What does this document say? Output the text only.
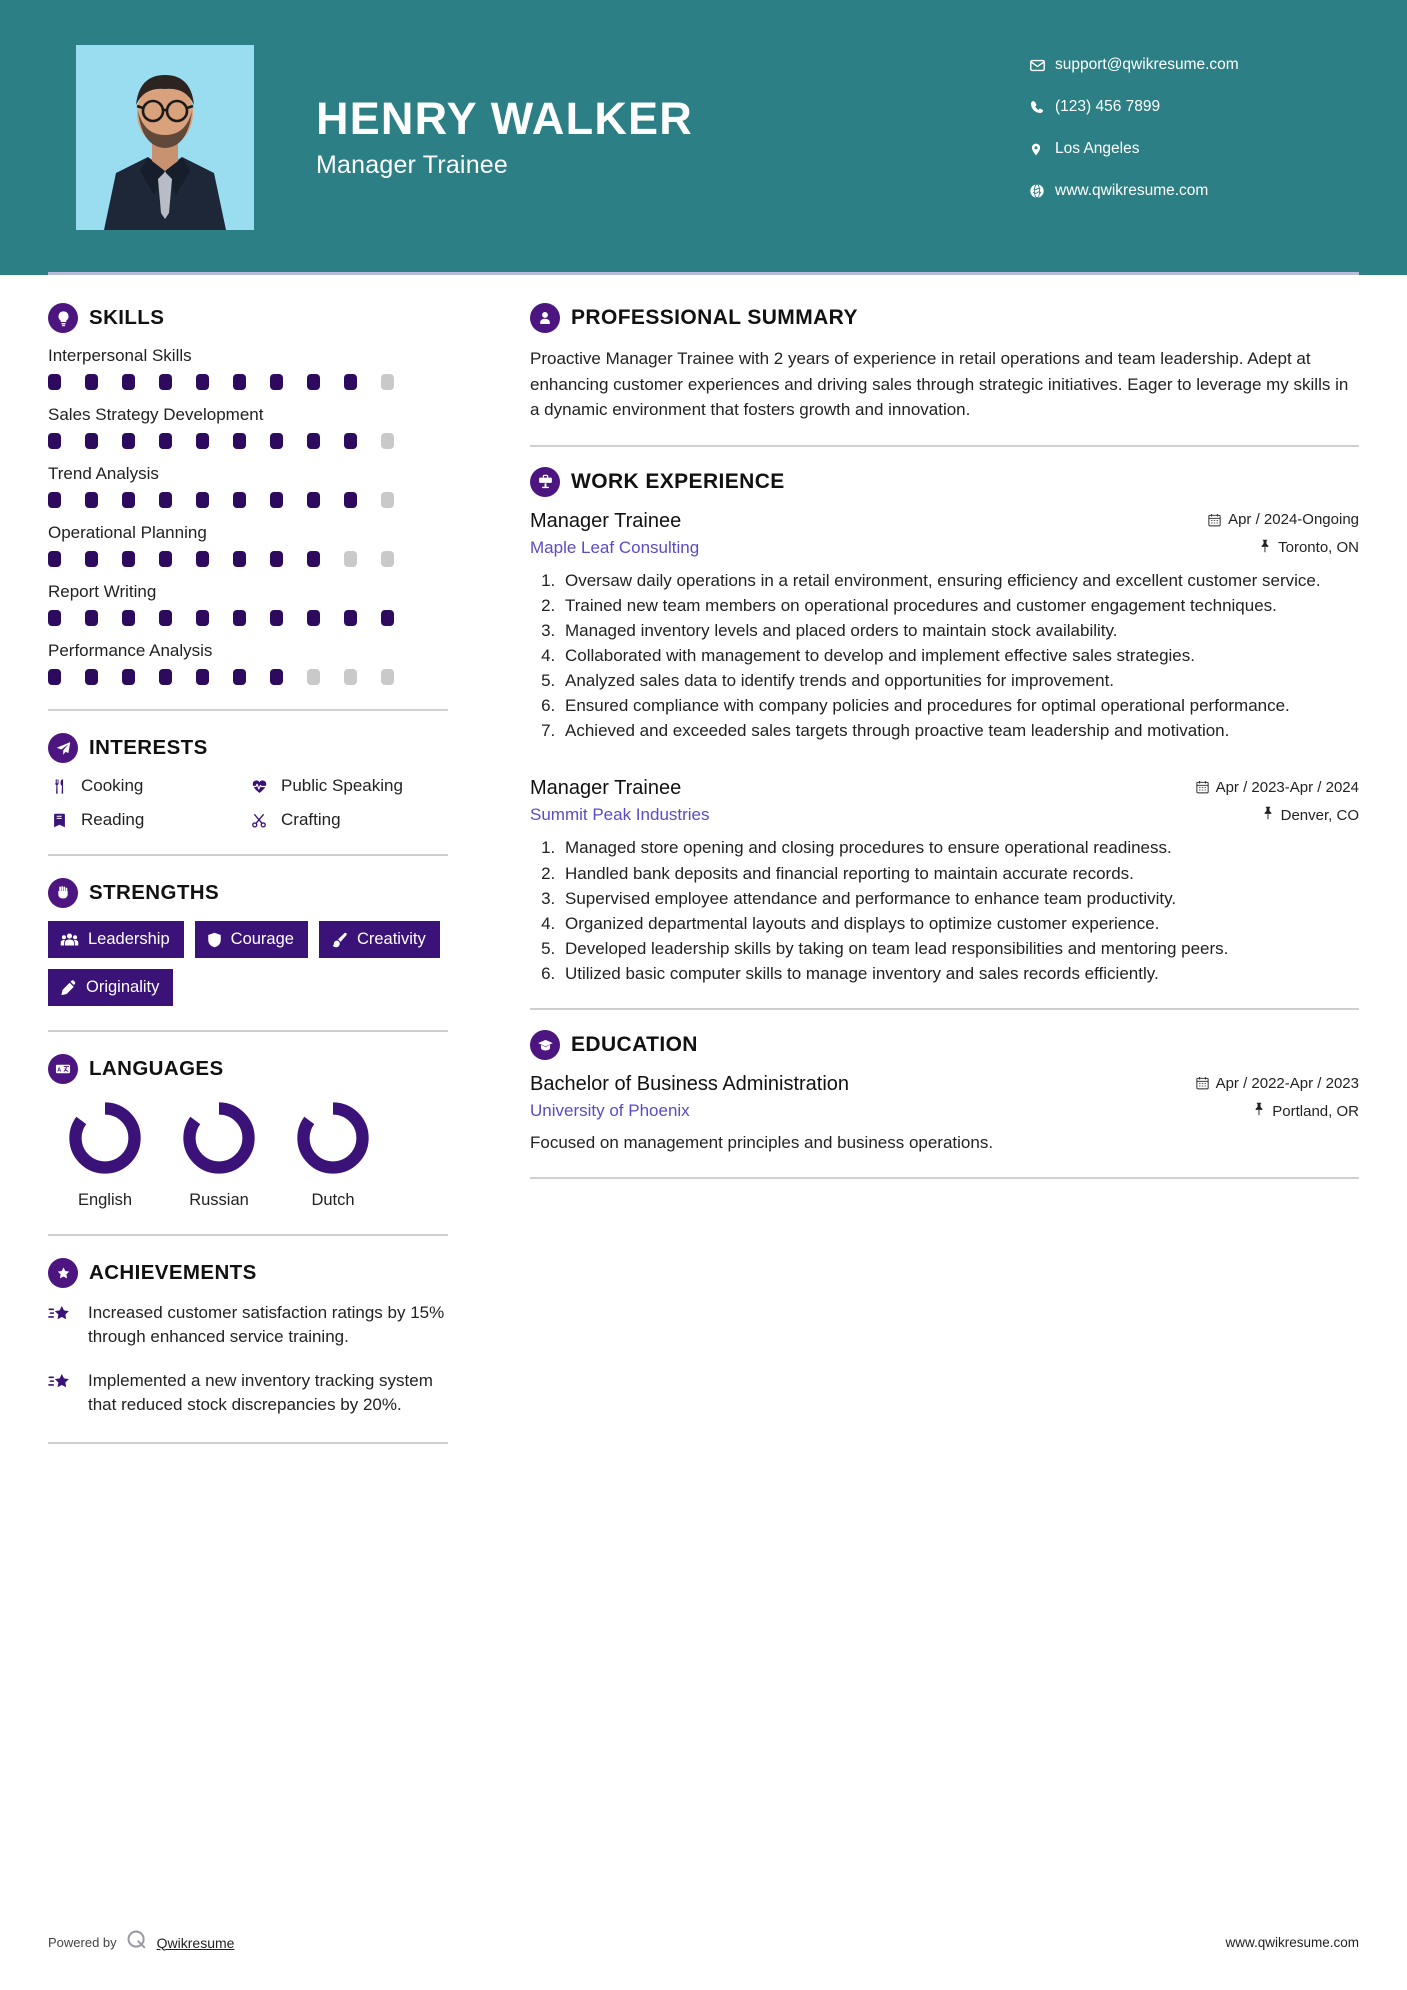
HENRY WALKER
Manager Trainee
support@qwikresume.com
(123) 456 7899
Los Angeles
www.qwikresume.com
SKILLS
Interpersonal Skills
Sales Strategy Development
Trend Analysis
Operational Planning
Report Writing
Performance Analysis
INTERESTS
Cooking	Public Speaking
Reading	Crafting
STRENGTHS
Leadership	Courage	Creativity
Originality
A LANGUAGES
English	Russian	Dutch
ACHIEVEMENTS
Increased customer satisfaction ratings by 15% through enhanced service training.
Implemented a new inventory tracking system that reduced stock discrepancies by 20%.
PROFESSIONAL SUMMARY
Proactive Manager Trainee with 2 years of experience in retail operations and team leadership. Adept at enhancing customer experiences and driving sales through strategic initiatives. Eager to leverage my skills in a dynamic environment that fosters growth and innovation.
WORK EXPERIENCE
Manager Trainee	Apr / 2024-Ongoing
Maple Leaf Consulting	Toronto, ON
1. Oversaw daily operations in a retail environment, ensuring efficiency and excellent customer service.
2. Trained new team members on operational procedures and customer engagement techniques.
3. Managed inventory levels and placed orders to maintain stock availability.
4. Collaborated with management to develop and implement effective sales strategies.
5. Analyzed sales data to identify trends and opportunities for improvement.
6. Ensured compliance with company policies and procedures for optimal operational performance.
7. Achieved and exceeded sales targets through proactive team leadership and motivation.
Manager Trainee	Apr / 2023-Apr / 2024
Summit Peak Industries	Denver, CO
1. Managed store opening and closing procedures to ensure operational readiness.
2. Handled bank deposits and financial reporting to maintain accurate records.
3. Supervised employee attendance and performance to enhance team productivity.
4. Organized departmental layouts and displays to optimize customer experience.
5. Developed leadership skills by taking on team lead responsibilities and mentoring peers.
6. Utilized basic computer skills to manage inventory and sales records efficiently.
EDUCATION
Bachelor of Business Administration	Apr / 2022-Apr / 2023
University of Phoenix	Portland, OR
Focused on management principles and business operations.
Powered by	Qwikresume	www.qwikresume.com
